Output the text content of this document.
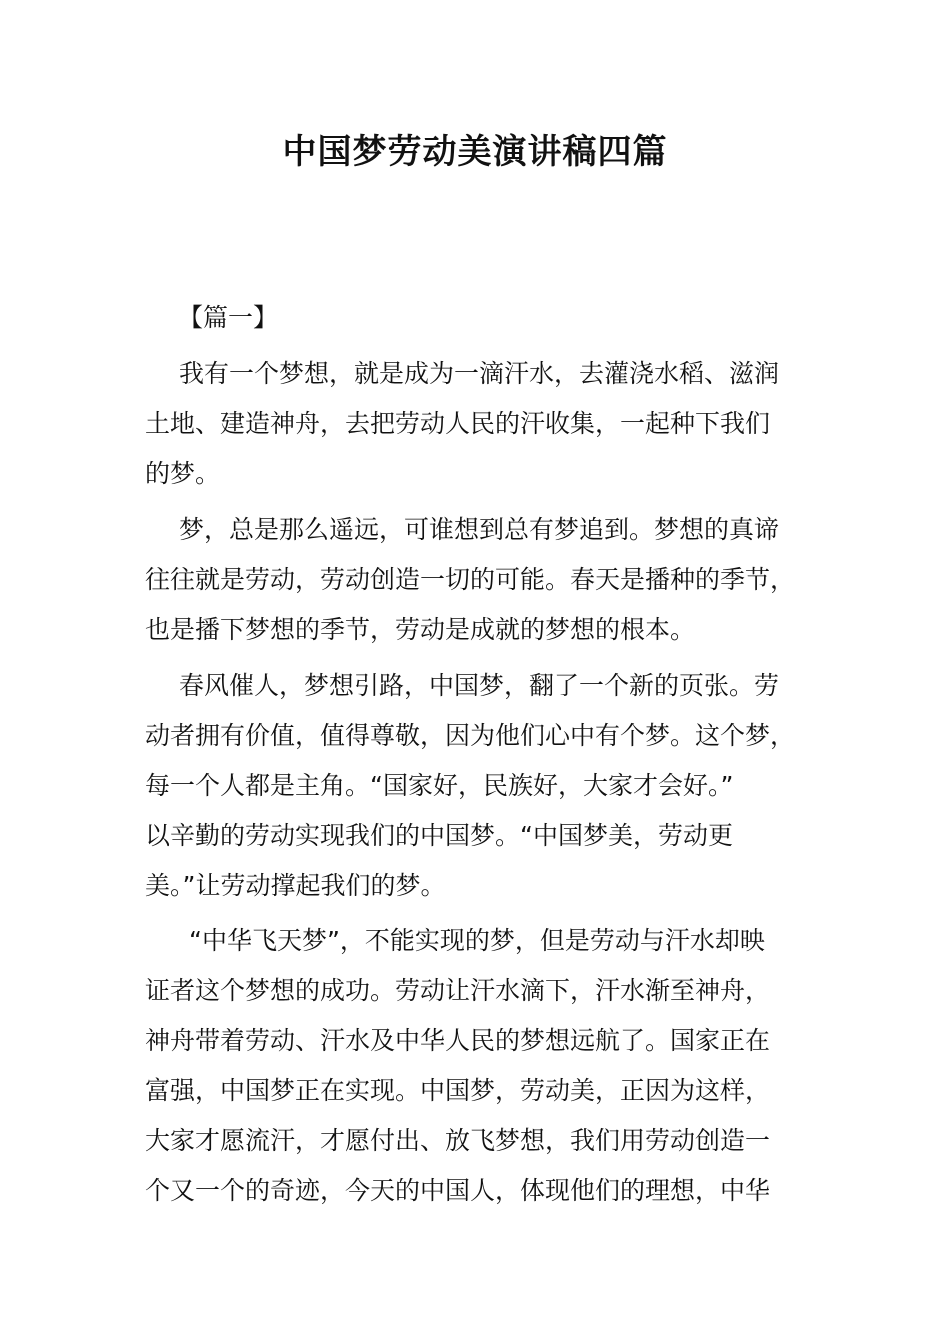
中国梦劳动美演讲稿四篇
【篇一】
我有一个梦想，就是成为一滴汗水，去灌浇水稻、滋润
土地、建造神舟，去把劳动人民的汗收集，一起种下我们
的梦。
梦，总是那么遥远，可谁想到总有梦追到。梦想的真谛
往往就是劳动，劳动创造一切的可能。春天是播种的季节，
也是播下梦想的季节，劳动是成就的梦想的根本。
春风催人，梦想引路，中国梦，翻了一个新的页张。劳
动者拥有价值，值得尊敬，因为他们心中有个梦。这个梦，
每一个人都是主角。“国家好，民族好，大家才会好。”
以辛勤的劳动实现我们的中国梦。“中国梦美，劳动更
美。”让劳动撑起我们的梦。
“中华飞天梦”，不能实现的梦，但是劳动与汗水却映
证者这个梦想的成功。劳动让汗水滴下，汗水渐至神舟，
神舟带着劳动、汗水及中华人民的梦想远航了。国家正在
富强，中国梦正在实现。中国梦，劳动美，正因为这样，
大家才愿流汗，才愿付出、放飞梦想，我们用劳动创造一
个又一个的奇迹，今天的中国人，体现他们的理想，中华
